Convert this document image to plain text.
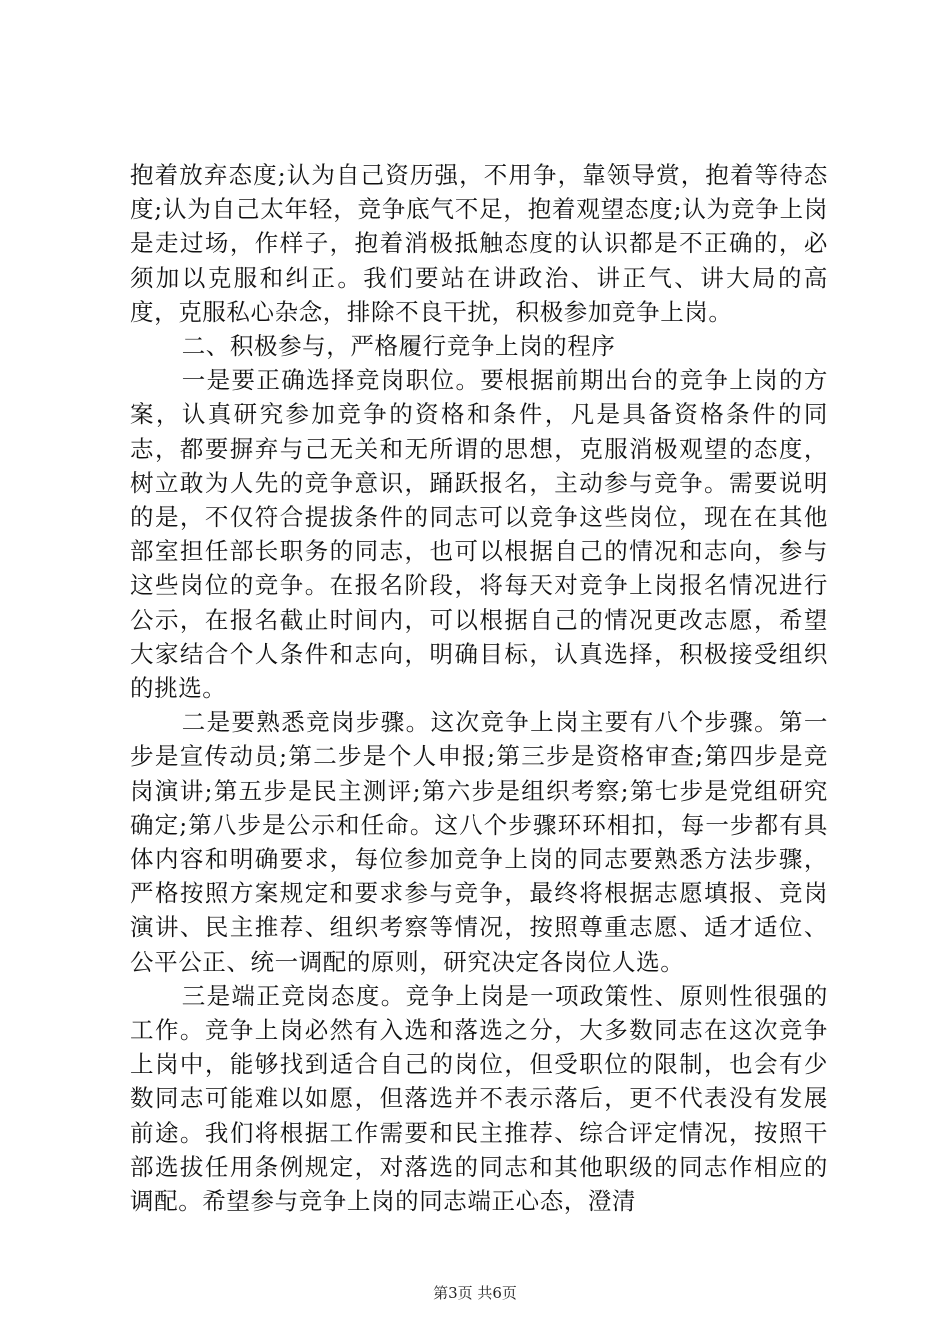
抱着放弃态度;认为自己资历强，不用争，靠领导赏，抱着等待态度;认为自己太年轻，竞争底气不足，抱着观望态度;认为竞争上岗是走过场，作样子，抱着消极抵触态度的认识都是不正确的，必须加以克服和纠正。我们要站在讲政治、讲正气、讲大局的高度，克服私心杂念，排除不良干扰，积极参加竞争上岗。

二、积极参与，严格履行竞争上岗的程序

一是要正确选择竞岗职位。要根据前期出台的竞争上岗的方案，认真研究参加竞争的资格和条件，凡是具备资格条件的同志，都要摒弃与己无关和无所谓的思想，克服消极观望的态度，树立敢为人先的竞争意识，踊跃报名，主动参与竞争。需要说明的是，不仅符合提拔条件的同志可以竞争这些岗位，现在在其他部室担任部长职务的同志，也可以根据自己的情况和志向，参与这些岗位的竞争。在报名阶段，将每天对竞争上岗报名情况进行公示，在报名截止时间内，可以根据自己的情况更改志愿，希望大家结合个人条件和志向，明确目标，认真选择，积极接受组织的挑选。

二是要熟悉竞岗步骤。这次竞争上岗主要有八个步骤。第一步是宣传动员;第二步是个人申报;第三步是资格审查;第四步是竞岗演讲;第五步是民主测评;第六步是组织考察;第七步是党组研究确定;第八步是公示和任命。这八个步骤环环相扣，每一步都有具体内容和明确要求，每位参加竞争上岗的同志要熟悉方法步骤，严格按照方案规定和要求参与竞争，最终将根据志愿填报、竞岗演讲、民主推荐、组织考察等情况，按照尊重志愿、适才适位、公平公正、统一调配的原则，研究决定各岗位人选。

三是端正竞岗态度。竞争上岗是一项政策性、原则性很强的工作。竞争上岗必然有入选和落选之分，大多数同志在这次竞争上岗中，能够找到适合自己的岗位，但受职位的限制，也会有少数同志可能难以如愿，但落选并不表示落后，更不代表没有发展前途。我们将根据工作需要和民主推荐、综合评定情况，按照干部选拔任用条例规定，对落选的同志和其他职级的同志作相应的调配。希望参与竞争上岗的同志端正心态，澄清

第3页 共6页
